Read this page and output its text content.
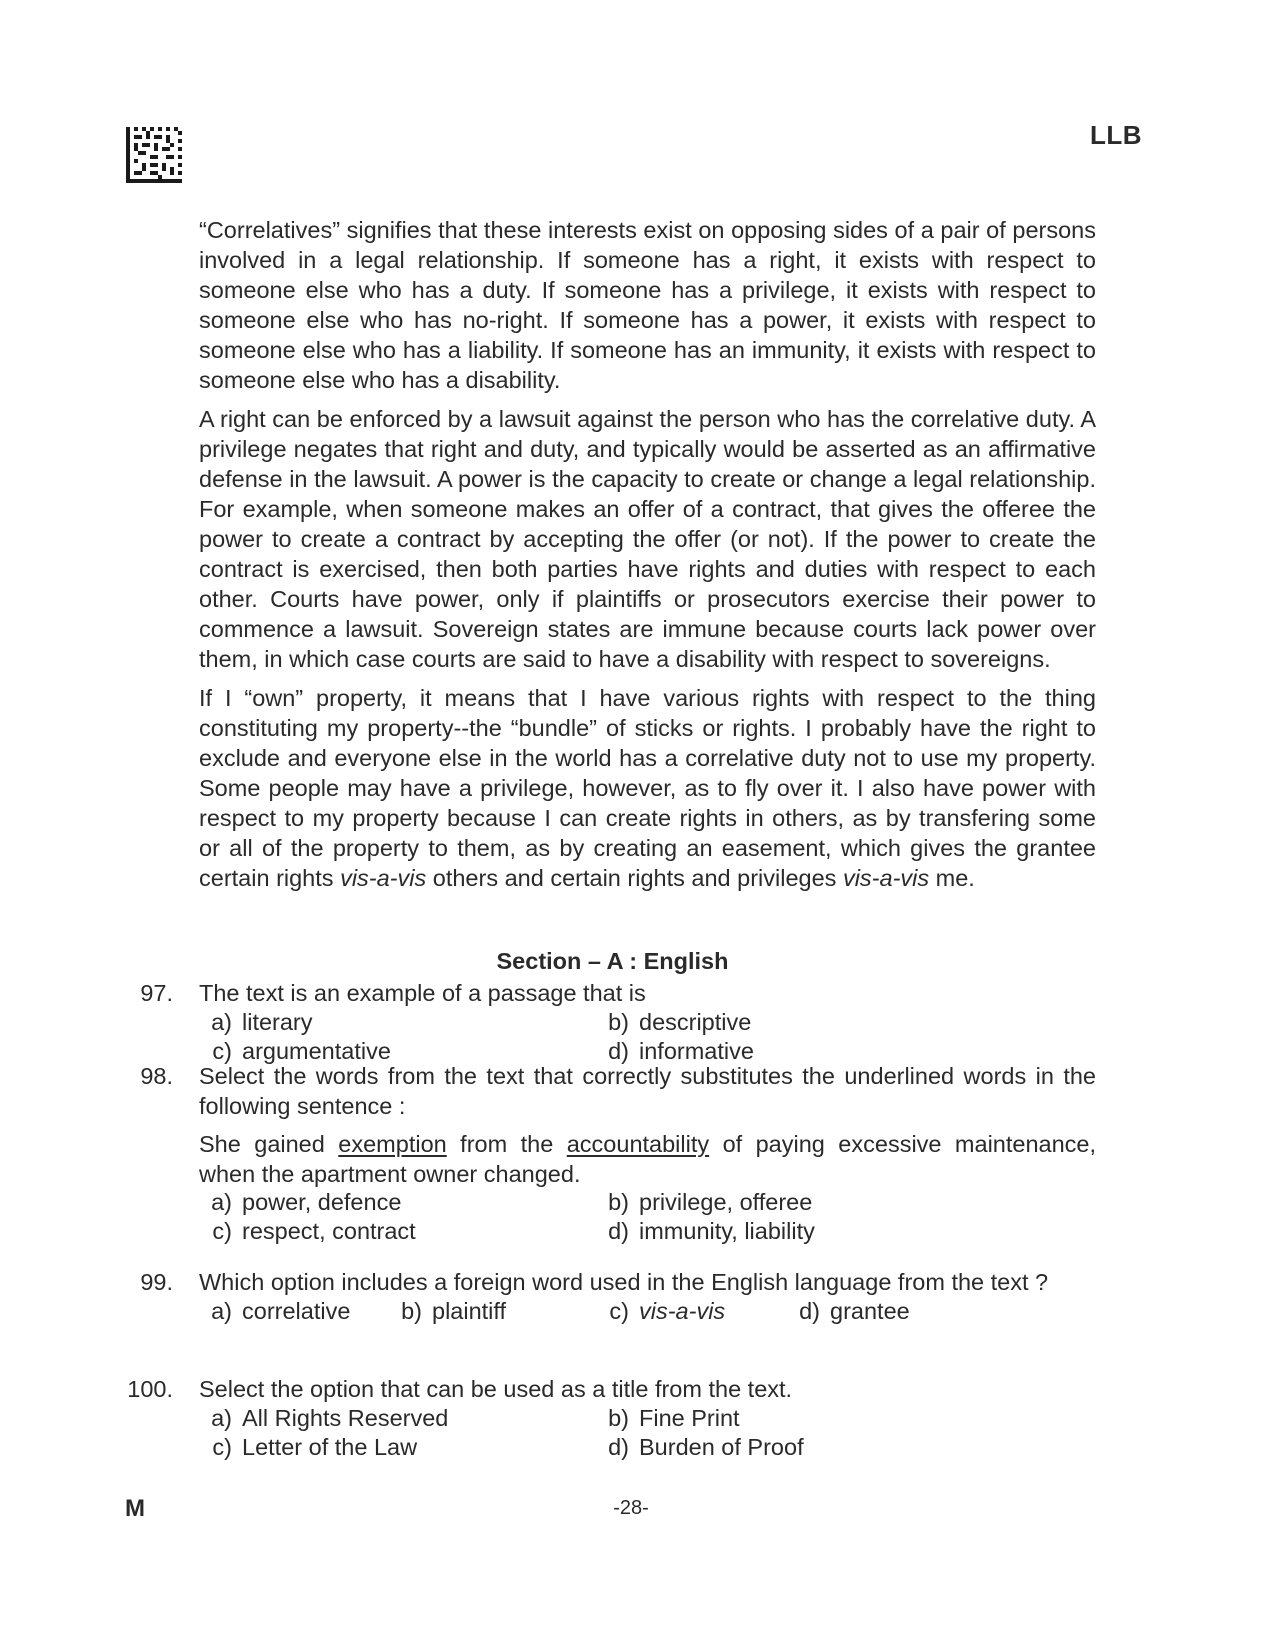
LLB

“Correlatives” signifies that these interests exist on opposing sides of a pair of persons involved in a legal relationship. If someone has a right, it exists with respect to someone else who has a duty. If someone has a privilege, it exists with respect to someone else who has no-right. If someone has a power, it exists with respect to someone else who has a liability. If someone has an immunity, it exists with respect to someone else who has a disability.

A right can be enforced by a lawsuit against the person who has the correlative duty. A privilege negates that right and duty, and typically would be asserted as an affirmative defense in the lawsuit. A power is the capacity to create or change a legal relationship. For example, when someone makes an offer of a contract, that gives the offeree the power to create a contract by accepting the offer (or not). If the power to create the contract is exercised, then both parties have rights and duties with respect to each other. Courts have power, only if plaintiffs or prosecutors exercise their power to commence a lawsuit. Sovereign states are immune because courts lack power over them, in which case courts are said to have a disability with respect to sovereigns.

If I “own” property, it means that I have various rights with respect to the thing constituting my property--the “bundle” of sticks or rights. I probably have the right to exclude and everyone else in the world has a correlative duty not to use my property. Some people may have a privilege, however, as to fly over it. I also have power with respect to my property because I can create rights in others, as by transfering some or all of the property to them, as by creating an easement, which gives the grantee certain rights vis-a-vis others and certain rights and privileges vis-a-vis me.

Section – A : English
97. The text is an example of a passage that is
a) literary	b) descriptive
c) argumentative	d) informative
98. Select the words from the text that correctly substitutes the underlined words in the following sentence :
She gained exemption from the accountability of paying excessive maintenance, when the apartment owner changed.
a) power, defence	b) privilege, offeree
c) respect, contract	d) immunity, liability
99. Which option includes a foreign word used in the English language from the text ?
a) correlative	b) plaintiff	c) vis-a-vis	d) grantee
100. Select the option that can be used as a title from the text.
a) All Rights Reserved	b) Fine Print
c) Letter of the Law	d) Burden of Proof
M	-28-
